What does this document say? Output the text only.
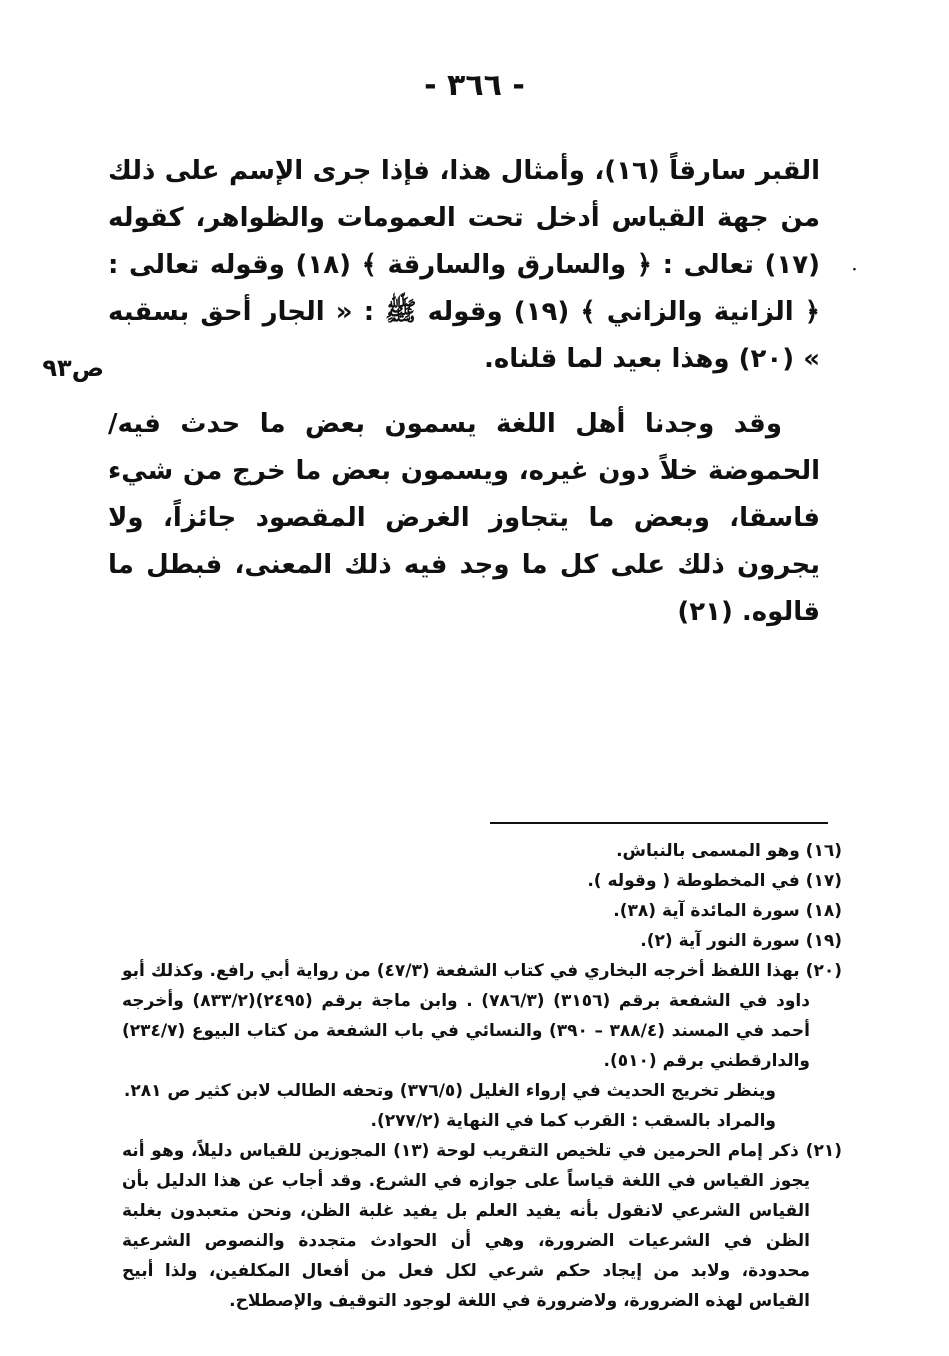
- ٣٦٦ -
ص٩٣
·

القبر سارقاً (١٦)، وأمثال هذا، فإذا جرى الإسم على ذلك من جهة القياس أدخل تحت العمومات والظواهر، كقوله (١٧) تعالى : ﴿ والسارق والسارقة ﴾ (١٨) وقوله تعالى : ﴿ الزانية والزاني ﴾ (١٩) وقوله ﷺ : « الجار أحق بسقبه » (٢٠) وهذا بعيد لما قلناه.

وقد وجدنا أهل اللغة يسمون بعض ما حدث فيه/ الحموضة خلاً دون غيره، ويسمون بعض ما خرج من شيء فاسقا، وبعض ما يتجاوز الغرض المقصود جائزاً، ولا يجرون ذلك على كل ما وجد فيه ذلك المعنى، فبطل ما قالوه. (٢١)

(١٦) وهو المسمى بالنباش.

(١٧) في المخطوطة ( وقوله ).

(١٨) سورة المائدة آية (٣٨).

(١٩) سورة النور آية (٢).

(٢٠) بهذا اللفظ أخرجه البخاري في كتاب الشفعة (٤٧/٣) من رواية أبي رافع. وكذلك أبو داود في الشفعة برقم (٣١٥٦) (٧٨٦/٣) . وابن ماجة برقم (٢٤٩٥)(٨٣٣/٢) وأخرجه أحمد في المسند (٣٨٨/٤ – ٣٩٠) والنسائي في باب الشفعة من كتاب البيوع (٢٣٤/٧) والدارقطني برقم (٥١٠).

وينظر تخريج الحديث في إرواء الغليل (٣٧٦/٥) وتحفه الطالب لابن كثير ص ٢٨١.

والمراد بالسقب : القرب كما في النهاية (٢٧٧/٢).

(٢١) ذكر إمام الحرمين في تلخيص التقريب لوحة (١٣) المجوزين للقياس دليلاً، وهو أنه يجوز القياس في اللغة قياساً على جوازه في الشرع. وقد أجاب عن هذا الدليل بأن القياس الشرعي لانقول بأنه يفيد العلم بل يفيد غلبة الظن، ونحن متعبدون بغلبة الظن في الشرعيات الضرورة، وهي أن الحوادث متجددة والنصوص الشرعية محدودة، ولابد من إيجاد حكم شرعي لكل فعل من أفعال المكلفين، ولذا أبيح القياس لهذه الضرورة، ولاضرورة في اللغة لوجود التوقيف والإصطلاح.
